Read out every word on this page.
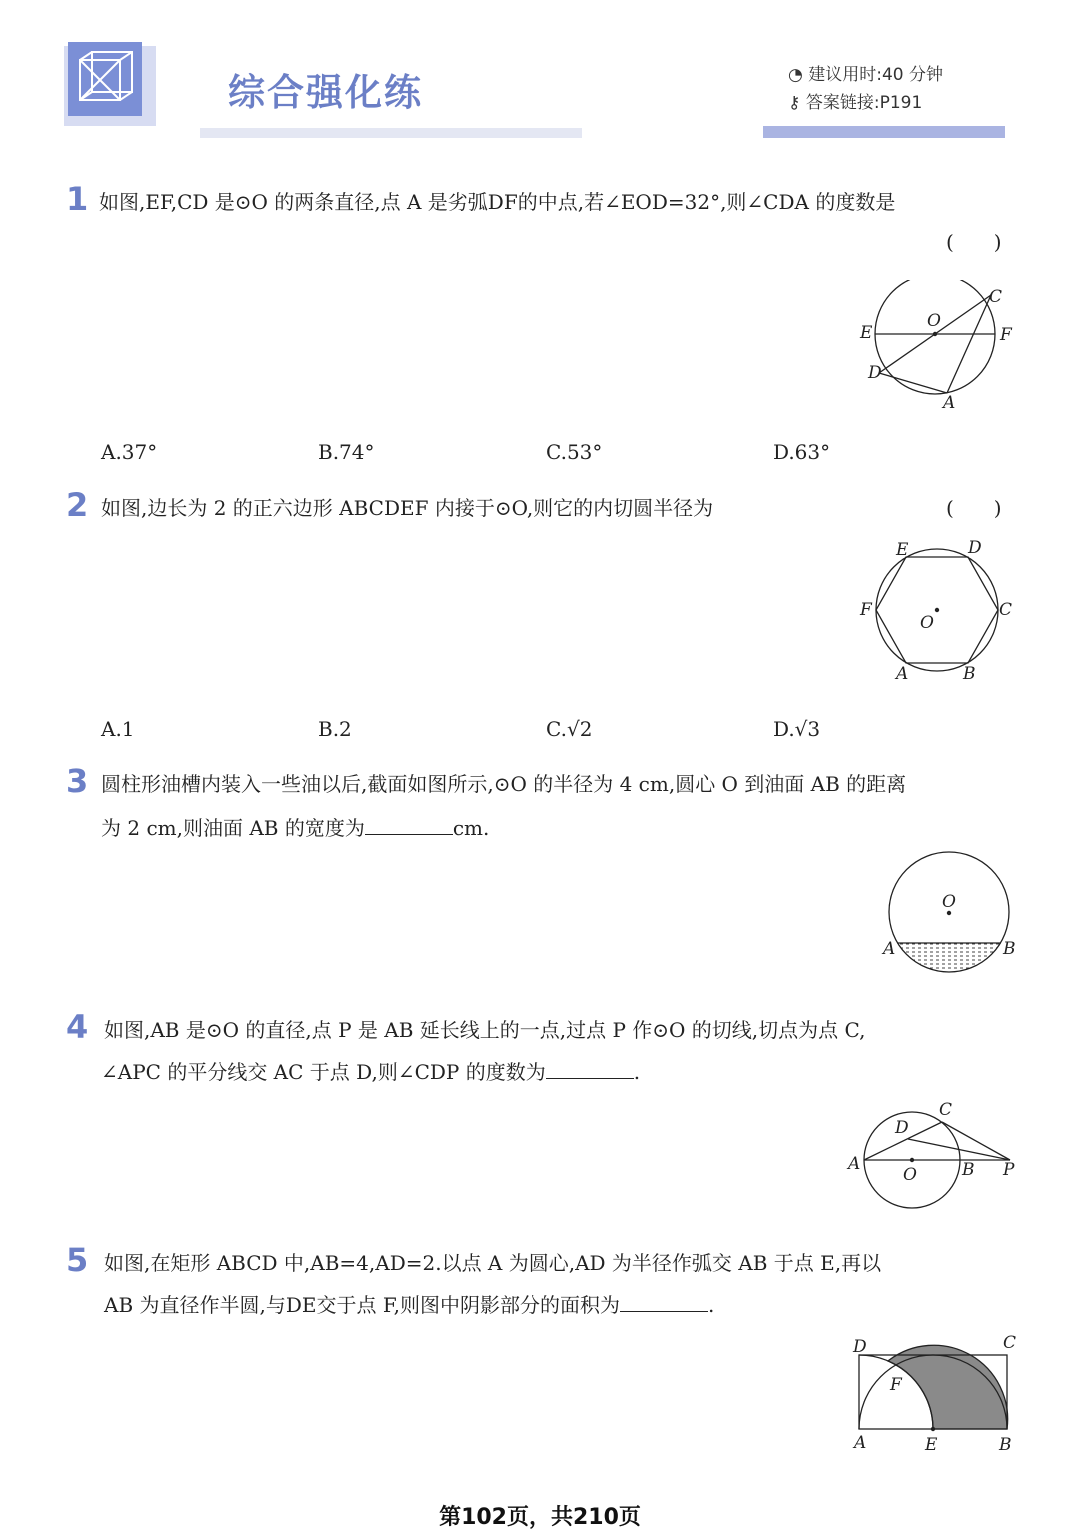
综合强化练	◔ 建议用时:40 分钟
⚷ 答案链接:P191
1 如图,EF,CD 是⊙O 的两条直径,点 A 是劣弧DF的中点,若∠EOD=32°,则∠CDA 的度数是
(　　)
C
O
E	F
D
A
A.37°	B.74°	C.53°	D.63°
2 如图,边长为 2 的正六边形 ABCDEF 内接于⊙O,则它的内切圆半径为	(　　)
E	D
F	C
O
A	B
A.1	B.2	C.√2	D.√3
3 圆柱形油槽内装入一些油以后,截面如图所示,⊙O 的半径为 4 cm,圆心 O 到油面 AB 的距离
为 2 cm,则油面 AB 的宽度为	cm.
O
A	B
4 如图,AB 是⊙O 的直径,点 P 是 AB 延长线上的一点,过点 P 作⊙O 的切线,切点为点 C,
∠APC 的平分线交 AC 于点 D,则∠CDP 的度数为	.
C
D
A
O	B P
5 如图,在矩形 ABCD 中,AB=4,AD=2.以点 A 为圆心,AD 为半径作弧交 AB 于点 E,再以
AB 为直径作半圆,与DE交于点 F,则图中阴影部分的面积为	.
D	C
F
A	E	B
第102页，共210页
